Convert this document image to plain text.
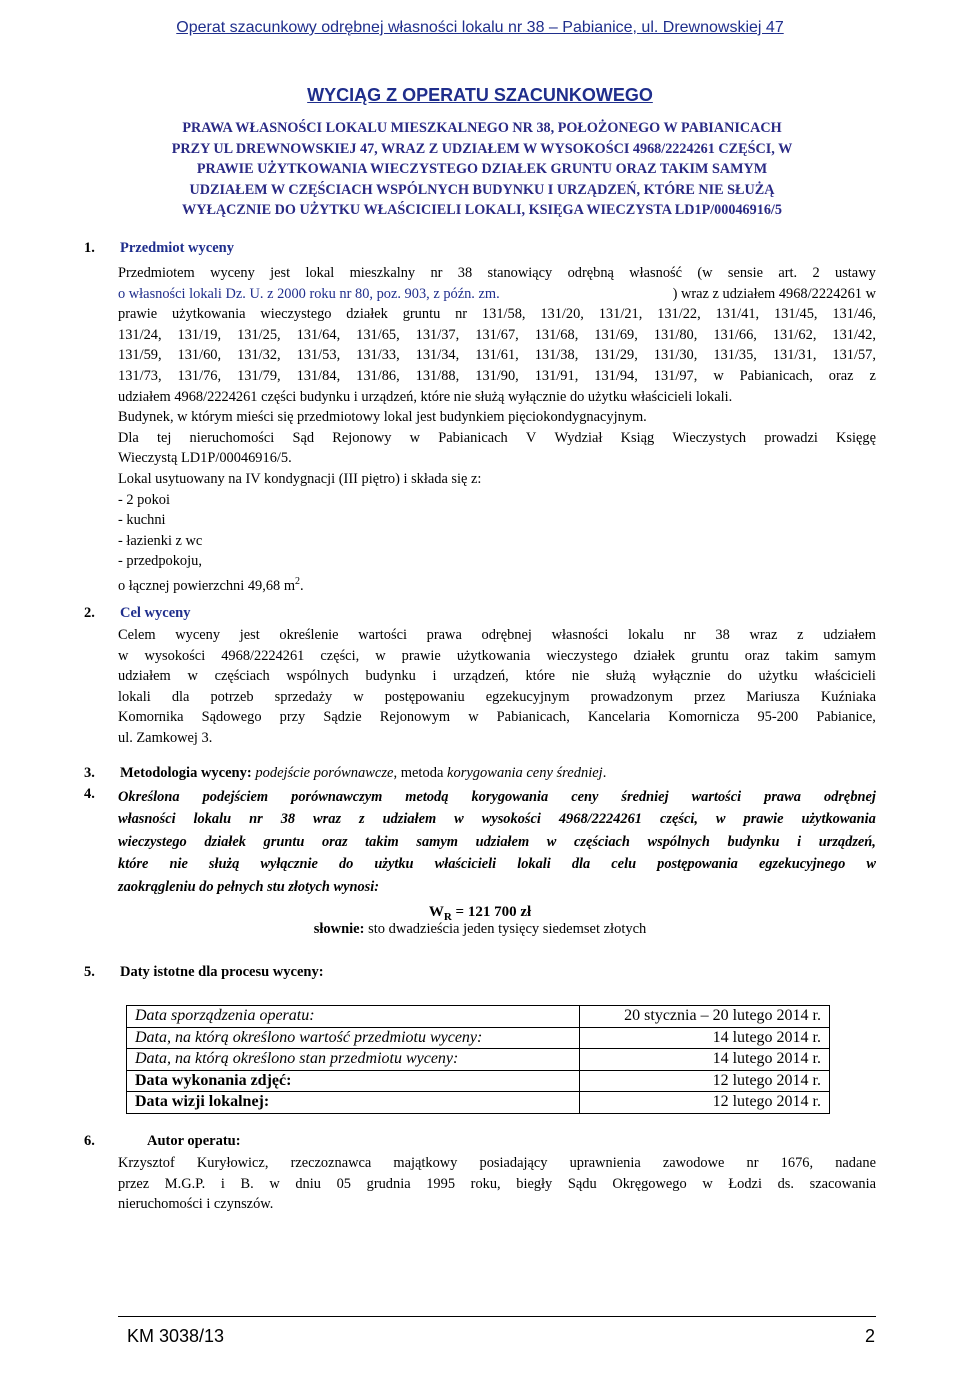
Operat szacunkowy odrębnej własności lokalu nr 38 – Pabianice, ul. Drewnowskiej 47
WYCIĄG Z OPERATU SZACUNKOWEGO
PRAWA WŁASNOŚCI LOKALU MIESZKALNEGO NR 38, POŁOŻONEGO W PABIANICACH
PRZY UL DREWNOWSKIEJ 47, WRAZ Z UDZIAŁEM W WYSOKOŚCI 4968/2224261 CZĘŚCI, W
PRAWIE UŻYTKOWANIA WIECZYSTEGO DZIAŁEK GRUNTU ORAZ TAKIM SAMYM
UDZIAŁEM W CZĘŚCIACH WSPÓLNYCH BUDYNKU I URZĄDZEŃ, KTÓRE NIE SŁUŻĄ
WYŁĄCZNIE DO UŻYTKU WŁAŚCICIELI LOKALI, KSIĘGA WIECZYSTA LD1P/00046916/5
1. Przedmiot wyceny
Przedmiotem wyceny jest lokal mieszkalny nr 38 stanowiący odrębną własność (w sensie art. 2 ustawy
o własności lokali Dz. U. z 2000 roku nr 80, poz. 903, z późn. zm.	) wraz z udziałem 4968/2224261 w
prawie użytkowania wieczystego działek gruntu nr 131/58, 131/20, 131/21, 131/22, 131/41, 131/45, 131/46,
131/24, 131/19, 131/25, 131/64, 131/65, 131/37, 131/67, 131/68, 131/69, 131/80, 131/66, 131/62, 131/42,
131/59, 131/60, 131/32, 131/53, 131/33, 131/34, 131/61, 131/38, 131/29, 131/30, 131/35, 131/31, 131/57,
131/73, 131/76, 131/79, 131/84, 131/86, 131/88, 131/90, 131/91, 131/94, 131/97, w Pabianicach, oraz z
udziałem 4968/2224261 części budynku i urządzeń, które nie służą wyłącznie do użytku właścicieli lokali.
Budynek, w którym mieści się przedmiotowy lokal jest budynkiem pięciokondygnacyjnym.
Dla tej nieruchomości Sąd Rejonowy w Pabianicach V Wydział Ksiąg Wieczystych prowadzi Księgę
Wieczystą LD1P/00046916/5.
Lokal usytuowany na IV kondygnacji (III piętro) i składa się z:
- 2 pokoi
- kuchni
- łazienki z wc
- przedpokoju,
o łącznej powierzchni 49,68 $m^2$.
2. Cel wyceny
Celem wyceny jest określenie wartości prawa odrębnej własności lokalu nr 38 wraz z udziałem
w wysokości 4968/2224261 części, w prawie użytkowania wieczystego działek gruntu oraz takim samym
udziałem w częściach wspólnych budynku i urządzeń, które nie służą wyłącznie do użytku właścicieli
lokali dla potrzeb sprzedaży w postępowaniu egzekucyjnym prowadzonym przez Mariusza Kuźniaka
Komornika Sądowego przy Sądzie Rejonowym w Pabianicach, Kancelaria Komornicza 95-200 Pabianice,
ul. Zamkowej 3.
3. Metodologia wyceny: podejście porównawcze, metoda korygowania ceny średniej.
4. Określona podejściem porównawczym metodą korygowania ceny średniej wartości prawa odrębnej
własności lokalu nr 38 wraz z udziałem w wysokości 4968/2224261 części, w prawie użytkowania
wieczystego działek gruntu oraz takim samym udziałem w częściach wspólnych budynku i urządzeń,
które nie służą wyłącznie do użytku właścicieli lokali dla celu postępowania egzekucyjnego w
zaokrągleniu do pełnych stu złotych wynosi:
$W_R = 121$ 700 zł
słownie: sto dwadzieścia jeden tysięcy siedemset złotych
5. Daty istotne dla procesu wyceny:
Data sporządzenia operatu:	20 stycznia – 20 lutego 2014 r.
Data, na którą określono wartość przedmiotu wyceny:	14 lutego 2014 r.
Data, na którą określono stan przedmiotu wyceny:	14 lutego 2014 r.
Data wykonania zdjęć:	12 lutego 2014 r.
Data wizji lokalnej:	12 lutego 2014 r.
6.	Autor operatu:
Krzysztof Kuryłowicz, rzeczoznawca majątkowy posiadający uprawnienia zawodowe nr 1676, nadane
przez M.G.P. i B. w dniu 05 grudnia 1995 roku, biegły Sądu Okręgowego w Łodzi ds. szacowania
nieruchomości i czynszów.
KM 3038/13	2
